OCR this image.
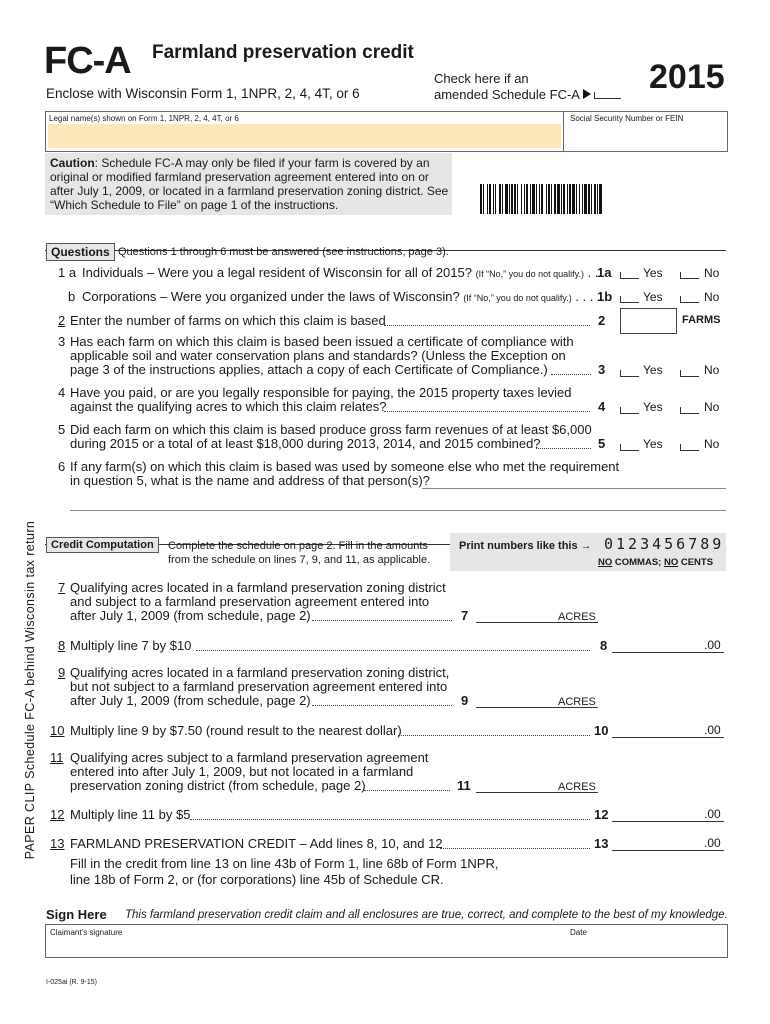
FC-A Farmland preservation credit
Enclose with Wisconsin Form 1, 1NPR, 2, 4, 4T, or 6
Check here if an
amended Schedule FC-A 2015
Legal name(s) shown on Form 1, 1NPR, 2, 4, 4T, or 6	Social Security Number or FEIN
Caution: Schedule FC-A may only be filed if your farm is covered by an
original or modified farmland preservation agreement entered into on or
after July 1, 2009, or located in a farmland preservation zoning district. See
“Which Schedule to File” on page 1 of the instructions.
Questions Questions 1 through 6 must be answered (see instructions, page 3).
1 a Individuals – Were you a legal resident of Wisconsin for all of 2015? (If “No,” you do not qualify.) . .
1a	Yes	No
b Corporations – Were you organized under the laws of Wisconsin? (If “No,” you do not qualify.) . . . 1b	Yes	No
2 Enter the number of farms on which this claim is based	2	FARMS
3 Has each farm on which this claim is based been issued a certificate of compliance with
applicable soil and water conservation plans and standards? (Unless the Exception on
page 3 of the instructions applies, attach a copy of each Certificate of Compliance.)	3	Yes	No
4 Have you paid, or are you legally responsible for paying, the 2015 property taxes levied
against the qualifying acres to which this claim relates?	4	Yes	No
5 Did each farm on which this claim is based produce gross farm revenues of at least $6,000
during 2015 or a total of at least $18,000 during 2013, 2014, and 2015 combined?	5	Yes	No
6 If any farm(s) on which this claim is based was used by someone else who met the requirement
in question 5, what is the name and address of that person(s)?
PAPER CLIP Schedule FC-A behind Wisconsin tax return	Credit Computation	Complete the schedule on page 2. Fill in the amounts
from the schedule on lines 7, 9, and 11, as applicable.
Print numbers like this → 0123456789
NO COMMAS; NO CENTS
7 Qualifying acres located in a farmland preservation zoning district
and subject to a farmland preservation agreement entered into
after July 1, 2009 (from schedule, page 2)	7	ACRES
8 Multiply line 7 by $10	8	.00
9 Qualifying acres located in a farmland preservation zoning district,
but not subject to a farmland preservation agreement entered into
after July 1, 2009 (from schedule, page 2)	9	ACRES
10 Multiply line 9 by $7.50 (round result to the nearest dollar)	10	.00
11 Qualifying acres subject to a farmland preservation agreement
entered into after July 1, 2009, but not located in a farmland
preservation zoning district (from schedule, page 2)	11	ACRES
12 Multiply line 11 by $5	12	.00
13 FARMLAND PRESERVATION CREDIT – Add lines 8, 10, and 12	13	.00
Fill in the credit from line 13 on line 43b of Form 1, line 68b of Form 1NPR,
line 18b of Form 2, or (for corporations) line 45b of Schedule CR.
Sign Here This farmland preservation credit claim and all enclosures are true, correct, and complete to the best of my knowledge.
Claimant’s signature	Date
I-025ai (R. 9-15)
